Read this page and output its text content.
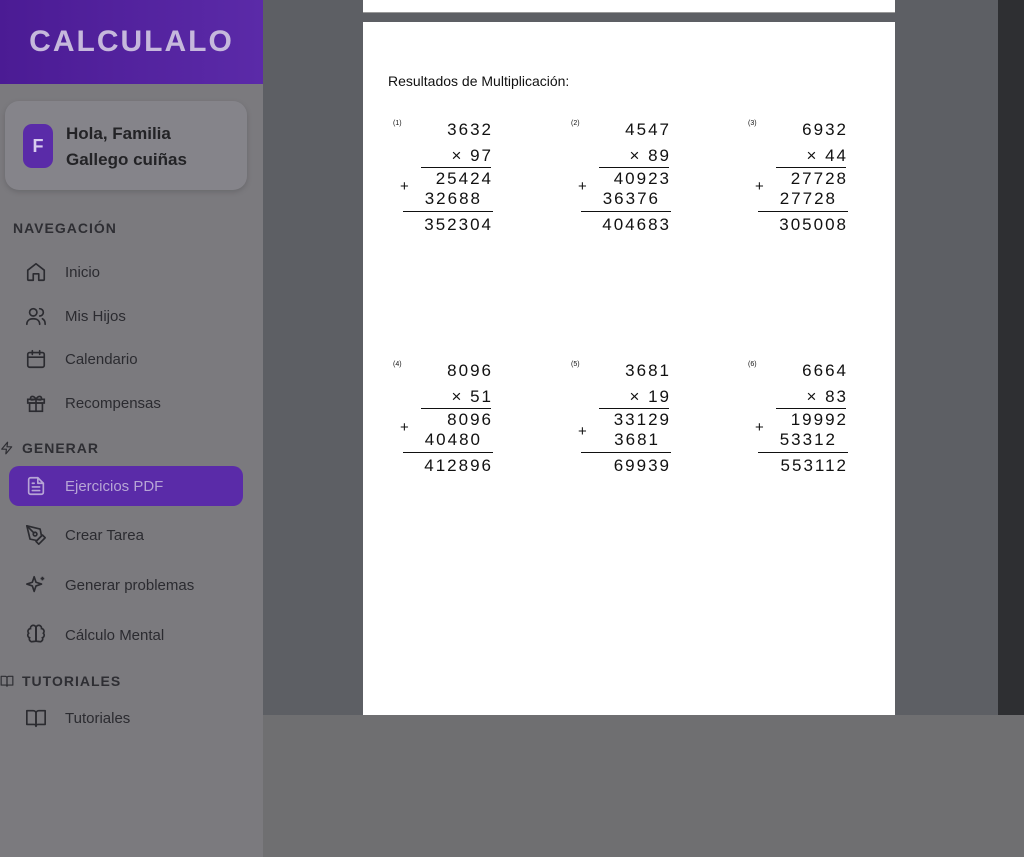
CALCULALO
F
Hola, Familia Gallego cuiñas
NAVEGACIÓN
Inicio
Mis Hijos
Calendario
Recompensas
GENERAR
Ejercicios PDF
Crear Tarea
Generar problemas
Cálculo Mental
TUTORIALES
Tutoriales
Resultados de Multiplicación:
(1)	3632
× 97
25424
+
32688
352304
(2)	4547
× 89
40923
+
36376
404683
(3)	6932
× 44
27728
+
27728
305008
(4)	8096
× 51
8096
+
40480
412896
(5)	3681
× 19
33129
+ 3681
69939
(6)	6664
× 83
19992
+
53312
553112
